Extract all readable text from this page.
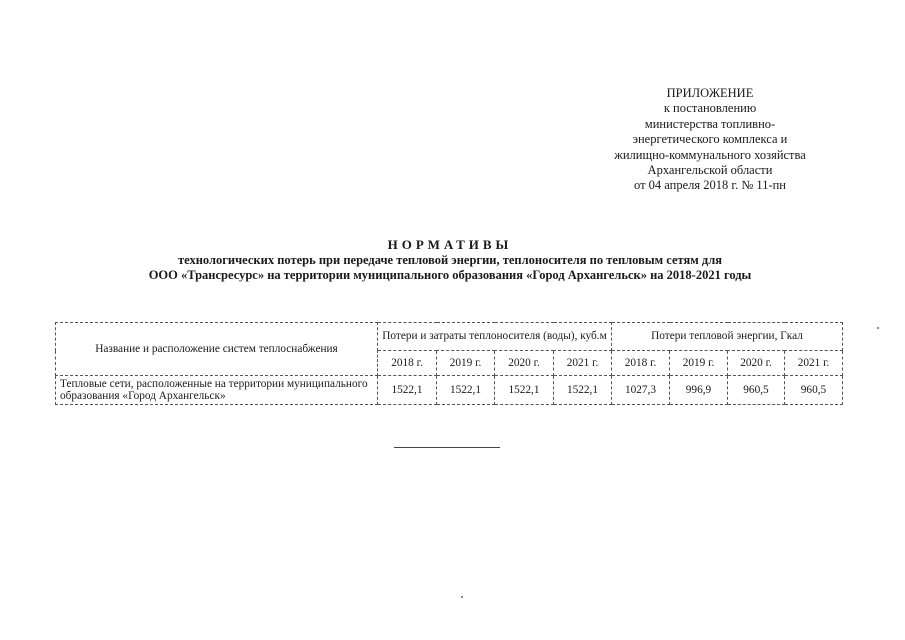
ПРИЛОЖЕНИЕ
к постановлению
министерства топливно-
энергетического комплекса и
жилищно-коммунального хозяйства
Архангельской области
от 04 апреля 2018 г. № 11-пн
НОРМАТИВЫ
технологических потерь при передаче тепловой энергии, теплоносителя по тепловым сетям для
ООО «Трансресурс» на территории муниципального образования «Город Архангельск» на 2018-2021 годы
Название и расположение систем теплоснабжения	Потери и затраты теплоносителя (воды), куб.м				Потери тепловой энергии, Гкал			
	2018 г.	2019 г.	2020 г.	2021 г.	2018 г.	2019 г.	2020 г.	2021 г.
Тепловые сети, расположенные на территории муниципального образования «Город Архангельск»	1522,1	1522,1	1522,1	1522,1	1027,3	996,9	960,5	960,5
